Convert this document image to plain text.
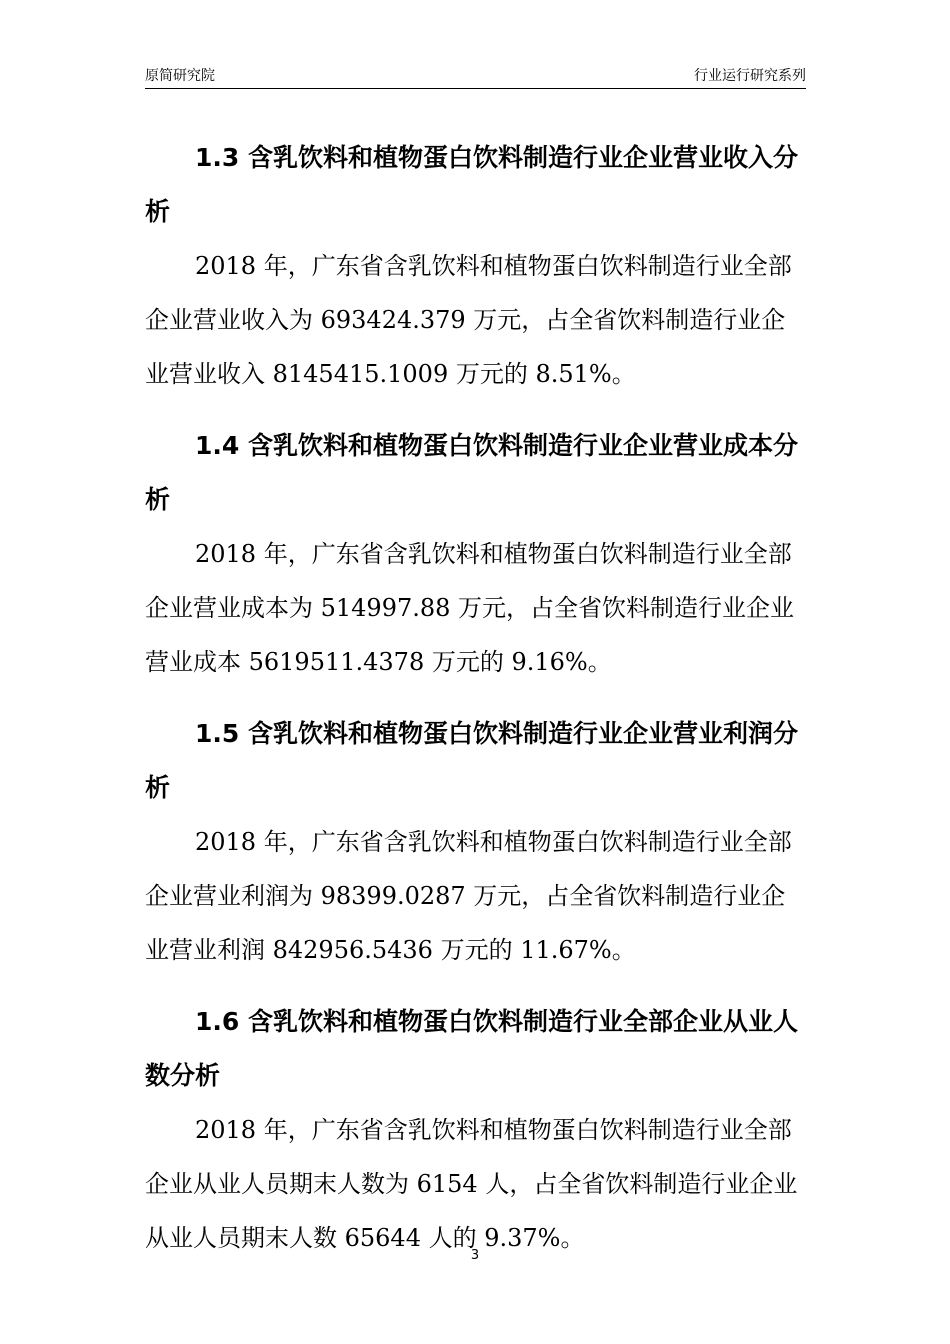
原简研究院	行业运行研究系列
1.3 含乳饮料和植物蛋白饮料制造行业企业营业收入分析

2018 年，广东省含乳饮料和植物蛋白饮料制造行业全部企业营业收入为 693424.379 万元，占全省饮料制造行业企业营业收入 8145415.1009 万元的 8.51%。

1.4 含乳饮料和植物蛋白饮料制造行业企业营业成本分析

2018 年，广东省含乳饮料和植物蛋白饮料制造行业全部企业营业成本为 514997.88 万元，占全省饮料制造行业企业营业成本 5619511.4378 万元的 9.16%。

1.5 含乳饮料和植物蛋白饮料制造行业企业营业利润分析

2018 年，广东省含乳饮料和植物蛋白饮料制造行业全部企业营业利润为 98399.0287 万元，占全省饮料制造行业企业营业利润 842956.5436 万元的 11.67%。

1.6 含乳饮料和植物蛋白饮料制造行业全部企业从业人数分析

2018 年，广东省含乳饮料和植物蛋白饮料制造行业全部企业从业人员期末人数为 6154 人，占全省饮料制造行业企业从业人员期末人数 65644 人的 9.37%。

3
